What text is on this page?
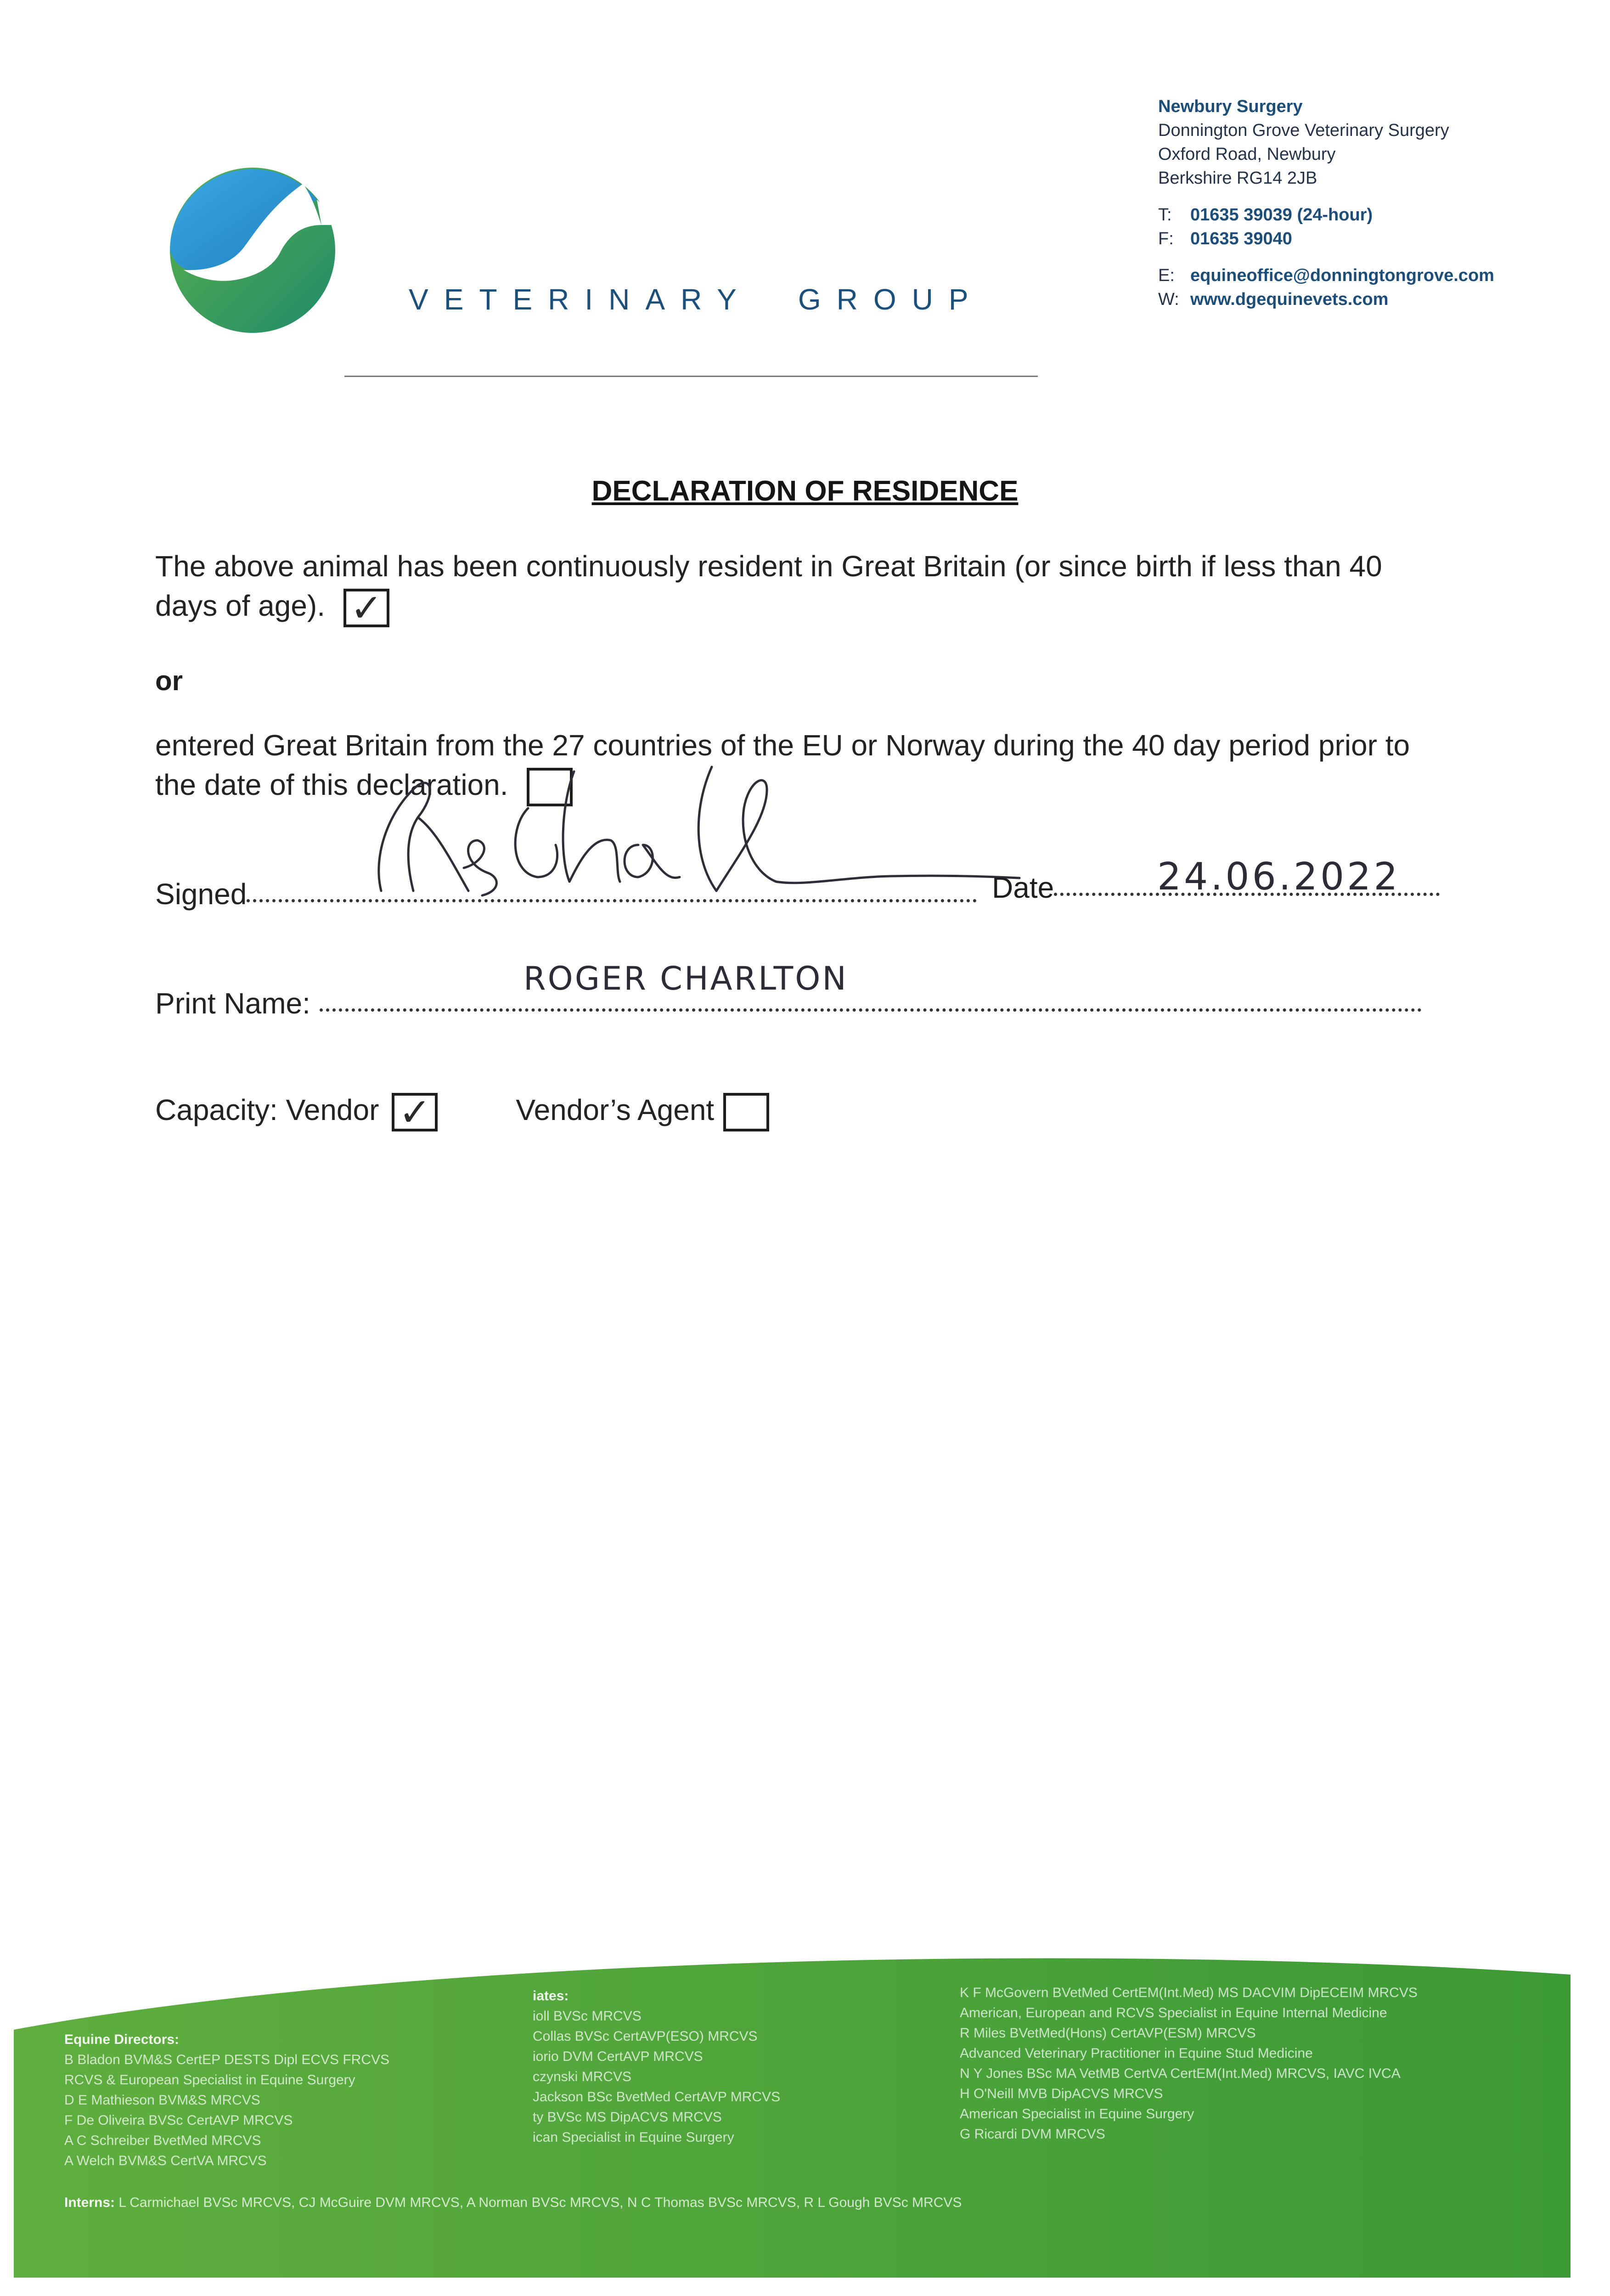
VETERINARY GROUP
Newbury Surgery
Donnington Grove Veterinary Surgery
Oxford Road, Newbury
Berkshire RG14 2JB
T: 01635 39039 (24-hour)
F: 01635 39040
E: equineoffice@donningtongrove.com
W: www.dgequinevets.com
DECLARATION OF RESIDENCE
The above animal has been continuously resident in Great Britain (or since birth if less than 40 days of age). ✓
or
entered Great Britain from the 27 countries of the EU or Norway during the 40 day period prior to the date of this declaration.
Signed	Date	24.06.2022
Print Name:
ROGER CHARLTON
Capacity: Vendor ✓	Vendor’s Agent
Equine Directors:
B Bladon BVM&S CertEP DESTS Dipl ECVS FRCVS
RCVS & European Specialist in Equine Surgery
D E Mathieson BVM&S MRCVS
F De Oliveira BVSc CertAVP MRCVS
A C Schreiber BvetMed MRCVS
A Welch BVM&S CertVA MRCVS
iates:
ioll BVSc MRCVS
Collas BVSc CertAVP(ESO) MRCVS
iorio DVM CertAVP MRCVS
czynski MRCVS
Jackson BSc BvetMed CertAVP MRCVS
ty BVSc MS DipACVS MRCVS
ican Specialist in Equine Surgery
K F McGovern BVetMed CertEM(Int.Med) MS DACVIM DipECEIM MRCVS
American, European and RCVS Specialist in Equine Internal Medicine
R Miles BVetMed(Hons) CertAVP(ESM) MRCVS
Advanced Veterinary Practitioner in Equine Stud Medicine
N Y Jones BSc MA VetMB CertVA CertEM(Int.Med) MRCVS, IAVC IVCA
H O'Neill MVB DipACVS MRCVS
American Specialist in Equine Surgery
G Ricardi DVM MRCVS
Interns: L Carmichael BVSc MRCVS, CJ McGuire DVM MRCVS, A Norman BVSc MRCVS, N C Thomas BVSc MRCVS, R L Gough BVSc MRCVS
